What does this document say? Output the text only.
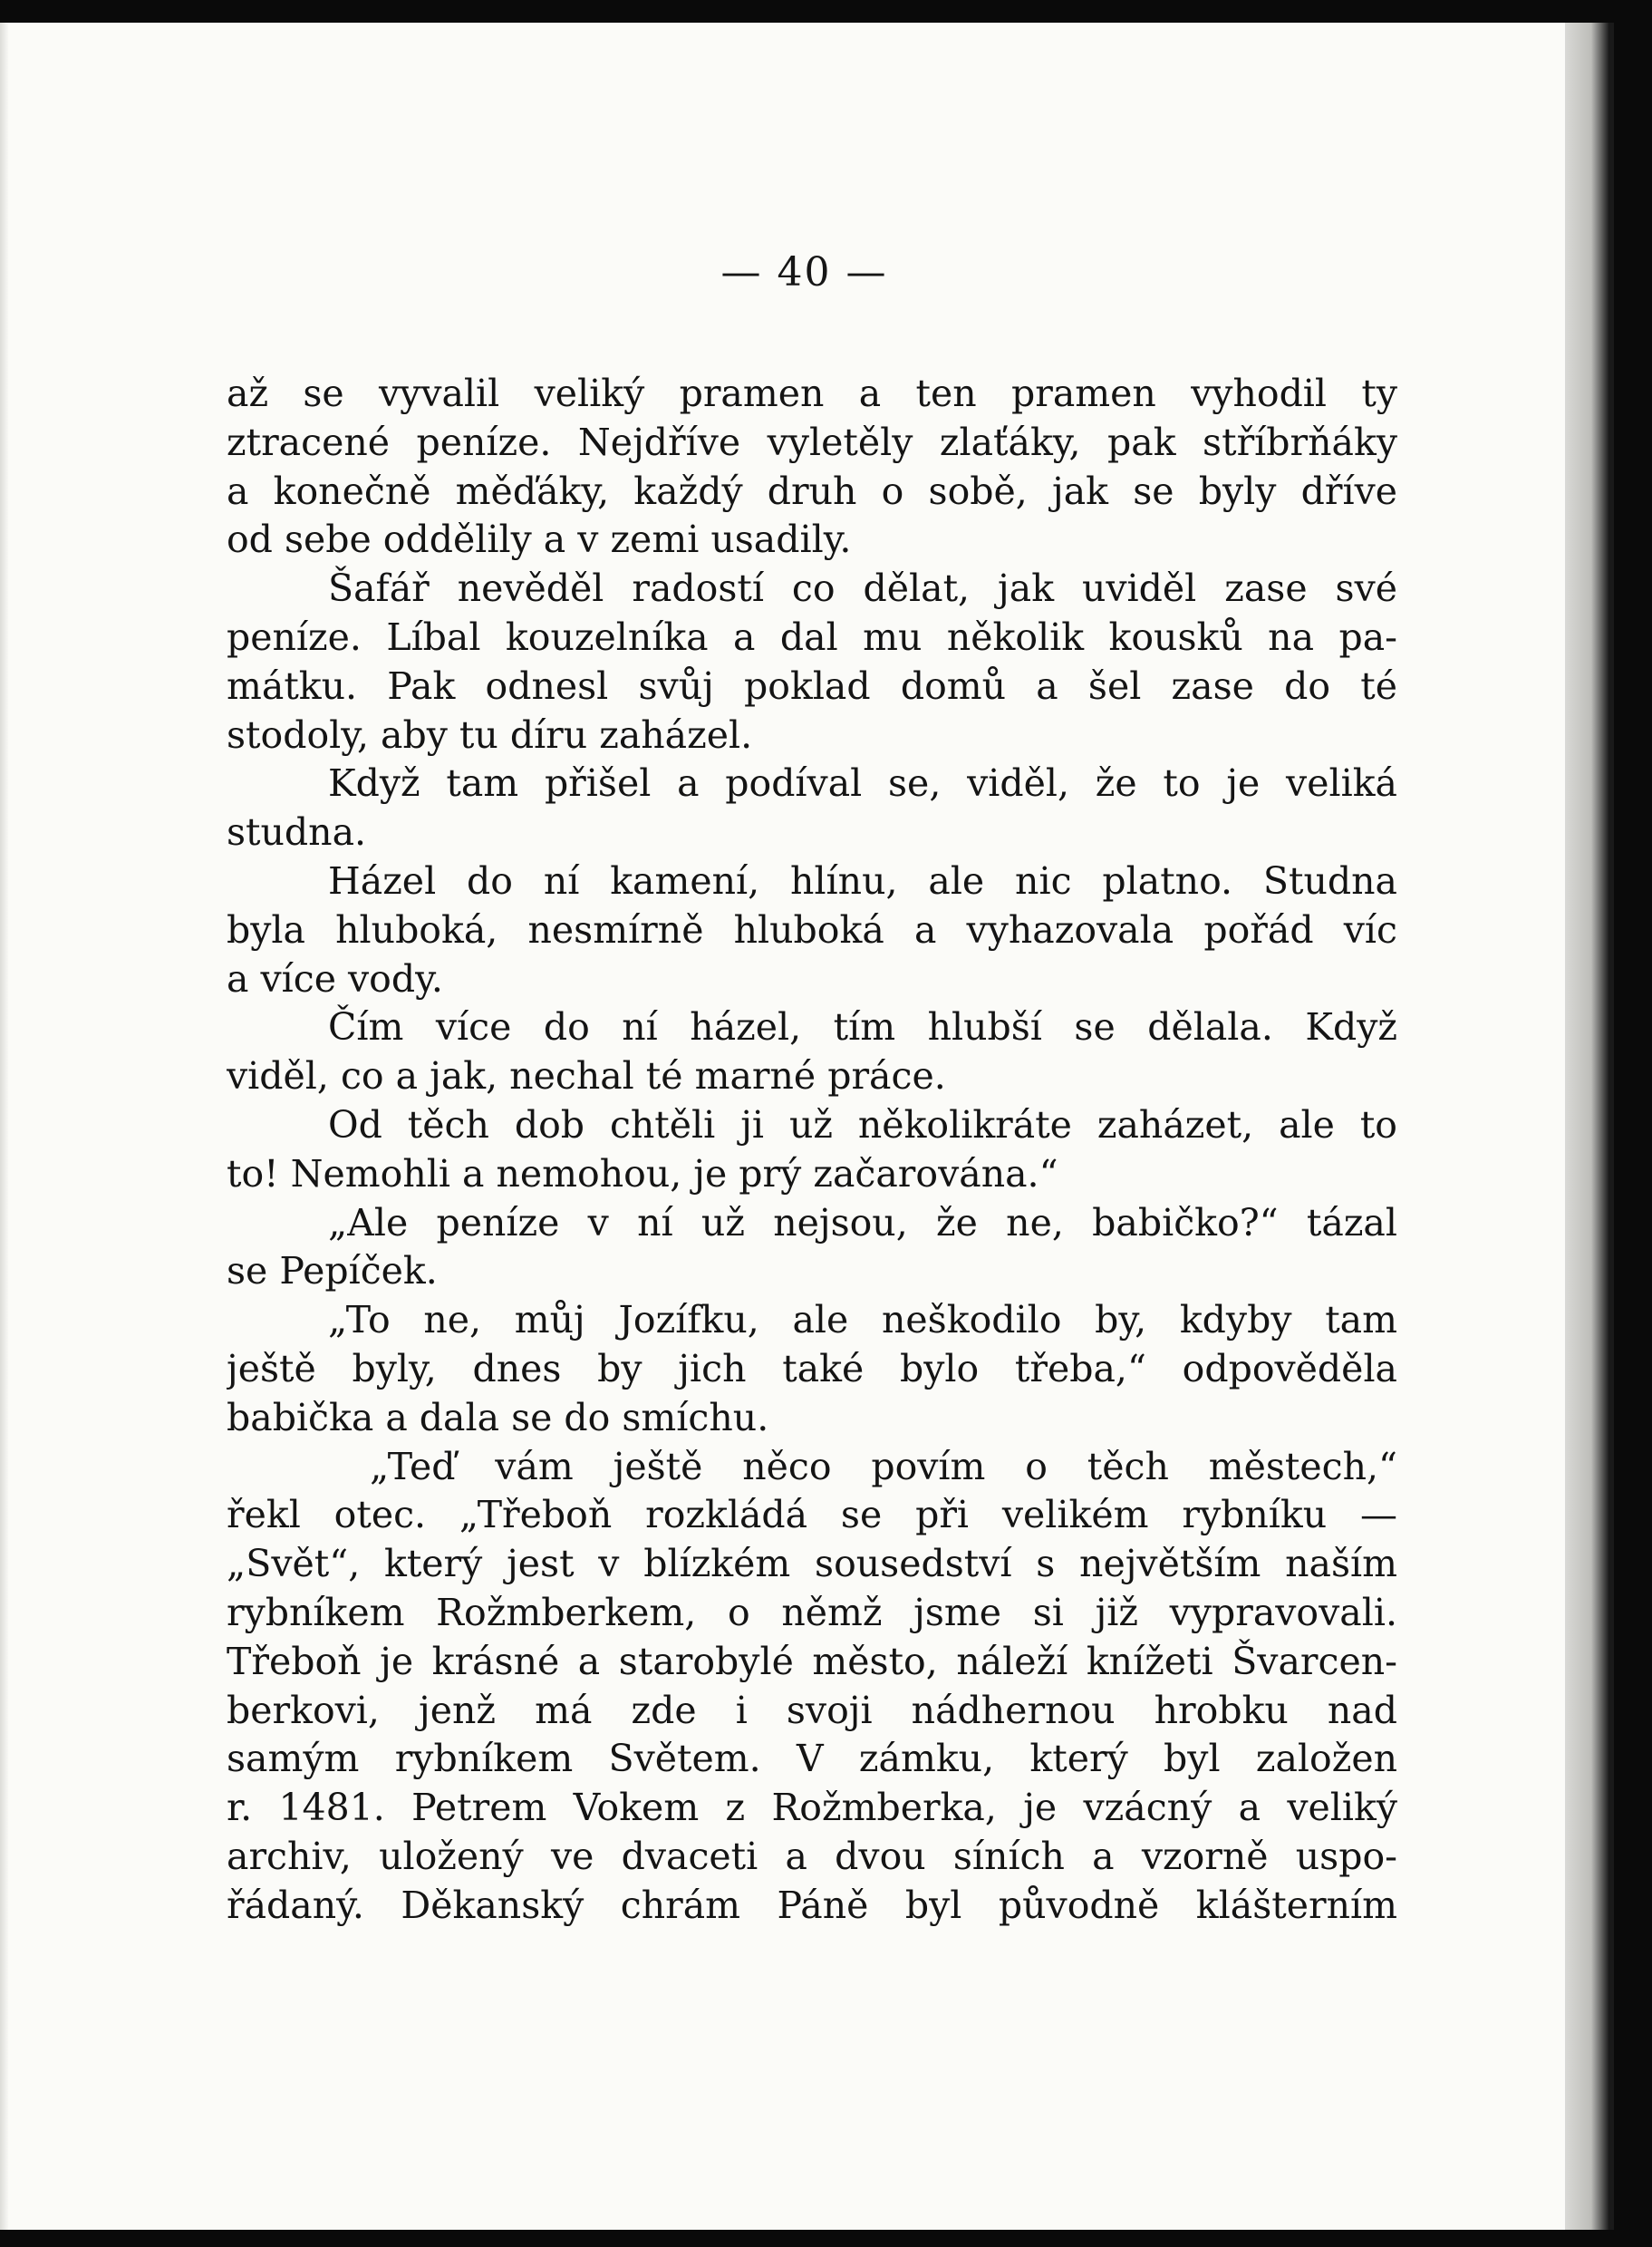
— 40 —
až se vyvalil veliký pramen a ten pramen vyhodil ty
ztracené peníze. Nejdříve vyletěly zlaťáky, pak stříbrňáky
a konečně měďáky, každý druh o sobě, jak se byly dříve
od sebe oddělily a v zemi usadily.
Šafář nevěděl radostí co dělat, jak uviděl zase své
peníze. Líbal kouzelníka a dal mu několik kousků na pa-
mátku. Pak odnesl svůj poklad domů a šel zase do té
stodoly, aby tu díru zaházel.
Když tam přišel a podíval se, viděl, že to je veliká
studna.
Házel do ní kamení, hlínu, ale nic platno. Studna
byla hluboká, nesmírně hluboká a vyhazovala pořád víc
a více vody.
Čím více do ní házel, tím hlubší se dělala. Když
viděl, co a jak, nechal té marné práce.
Od těch dob chtěli ji už několikráte zaházet, ale to
to! Nemohli a nemohou, je prý začarována.“
„Ale peníze v ní už nejsou, že ne, babičko?“ tázal
se Pepíček.
„To ne, můj Jozífku, ale neškodilo by, kdyby tam
ještě byly, dnes by jich také bylo třeba,“ odpověděla
babička a dala se do smíchu.
„Teď vám ještě něco povím o těch městech,“
řekl otec. „Třeboň rozkládá se při velikém rybníku —
„Svět“, který jest v blízkém sousedství s největším naším
rybníkem Rožmberkem, o němž jsme si již vypravovali.
Třeboň je krásné a starobylé město, náleží knížeti Švarcen-
berkovi, jenž má zde i svoji nádhernou hrobku nad
samým rybníkem Světem. V zámku, který byl založen
r. 1481. Petrem Vokem z Rožmberka, je vzácný a veliký
archiv, uložený ve dvaceti a dvou síních a vzorně uspo-
řádaný. Děkanský chrám Páně byl původně klášterním
